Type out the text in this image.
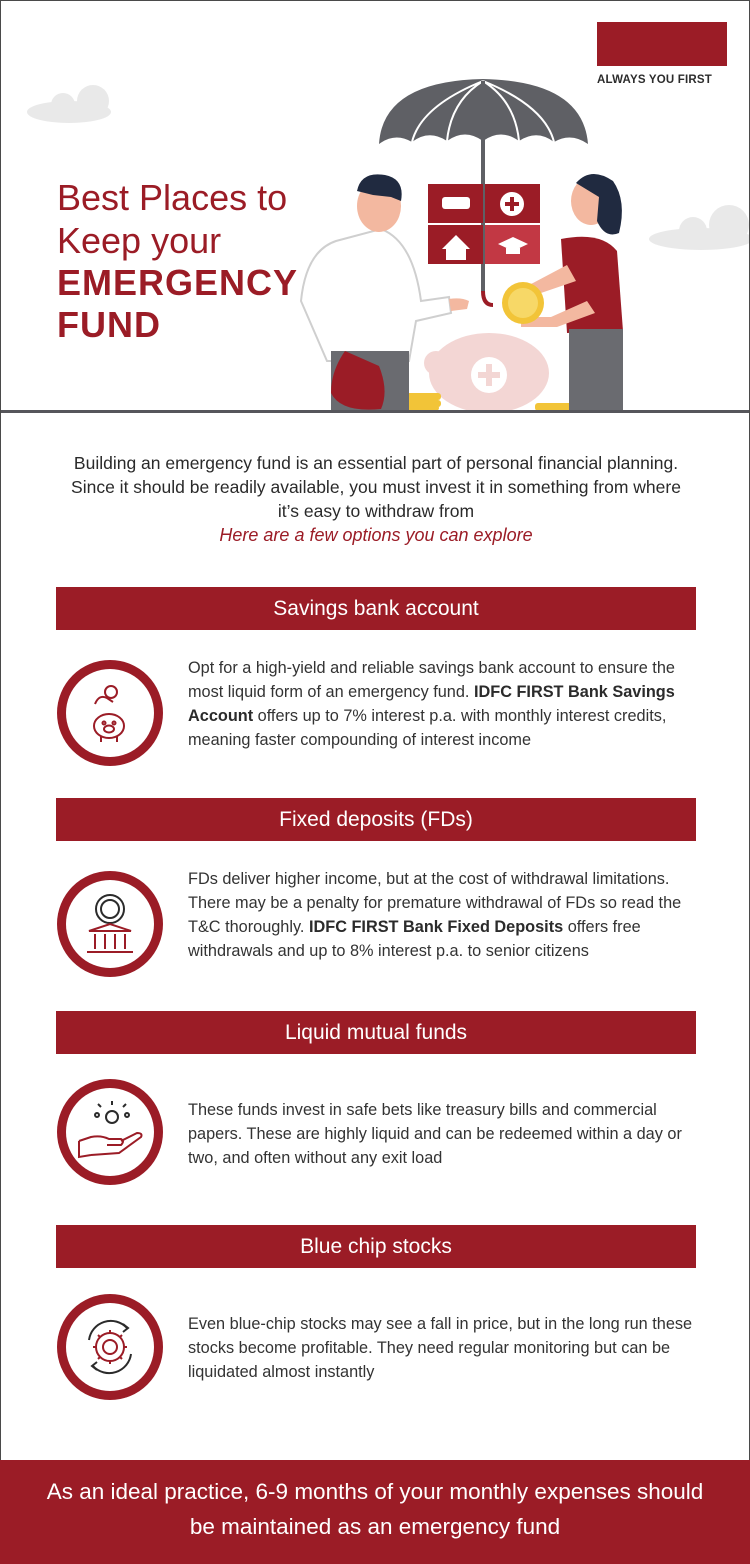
ALWAYS YOU FIRST
Best Places to
Keep your
EMERGENCY
FUND

Building an emergency fund is an essential part of personal financial planning. Since it should be readily available, you must invest it in something from where it’s easy to withdraw from

Here are a few options you can explore

Savings bank account

Opt for a high-yield and reliable savings bank account to ensure the most liquid form of an emergency fund. IDFC FIRST Bank Savings Account offers up to 7% interest p.a. with monthly interest credits, meaning faster compounding of interest income

Fixed deposits (FDs)

FDs deliver higher income, but at the cost of withdrawal limitations. There may be a penalty for premature withdrawal of FDs so read the T&C thoroughly. IDFC FIRST Bank Fixed Deposits offers free withdrawals and up to 8% interest p.a. to senior citizens

Liquid mutual funds

These funds invest in safe bets like treasury bills and commercial papers. These are highly liquid and can be redeemed within a day or two, and often without any exit load

Blue chip stocks

Even blue-chip stocks may see a fall in price, but in the long run these stocks become profitable. They need regular monitoring but can be liquidated almost instantly

As an ideal practice, 6-9 months of your monthly expenses should be maintained as an emergency fund
